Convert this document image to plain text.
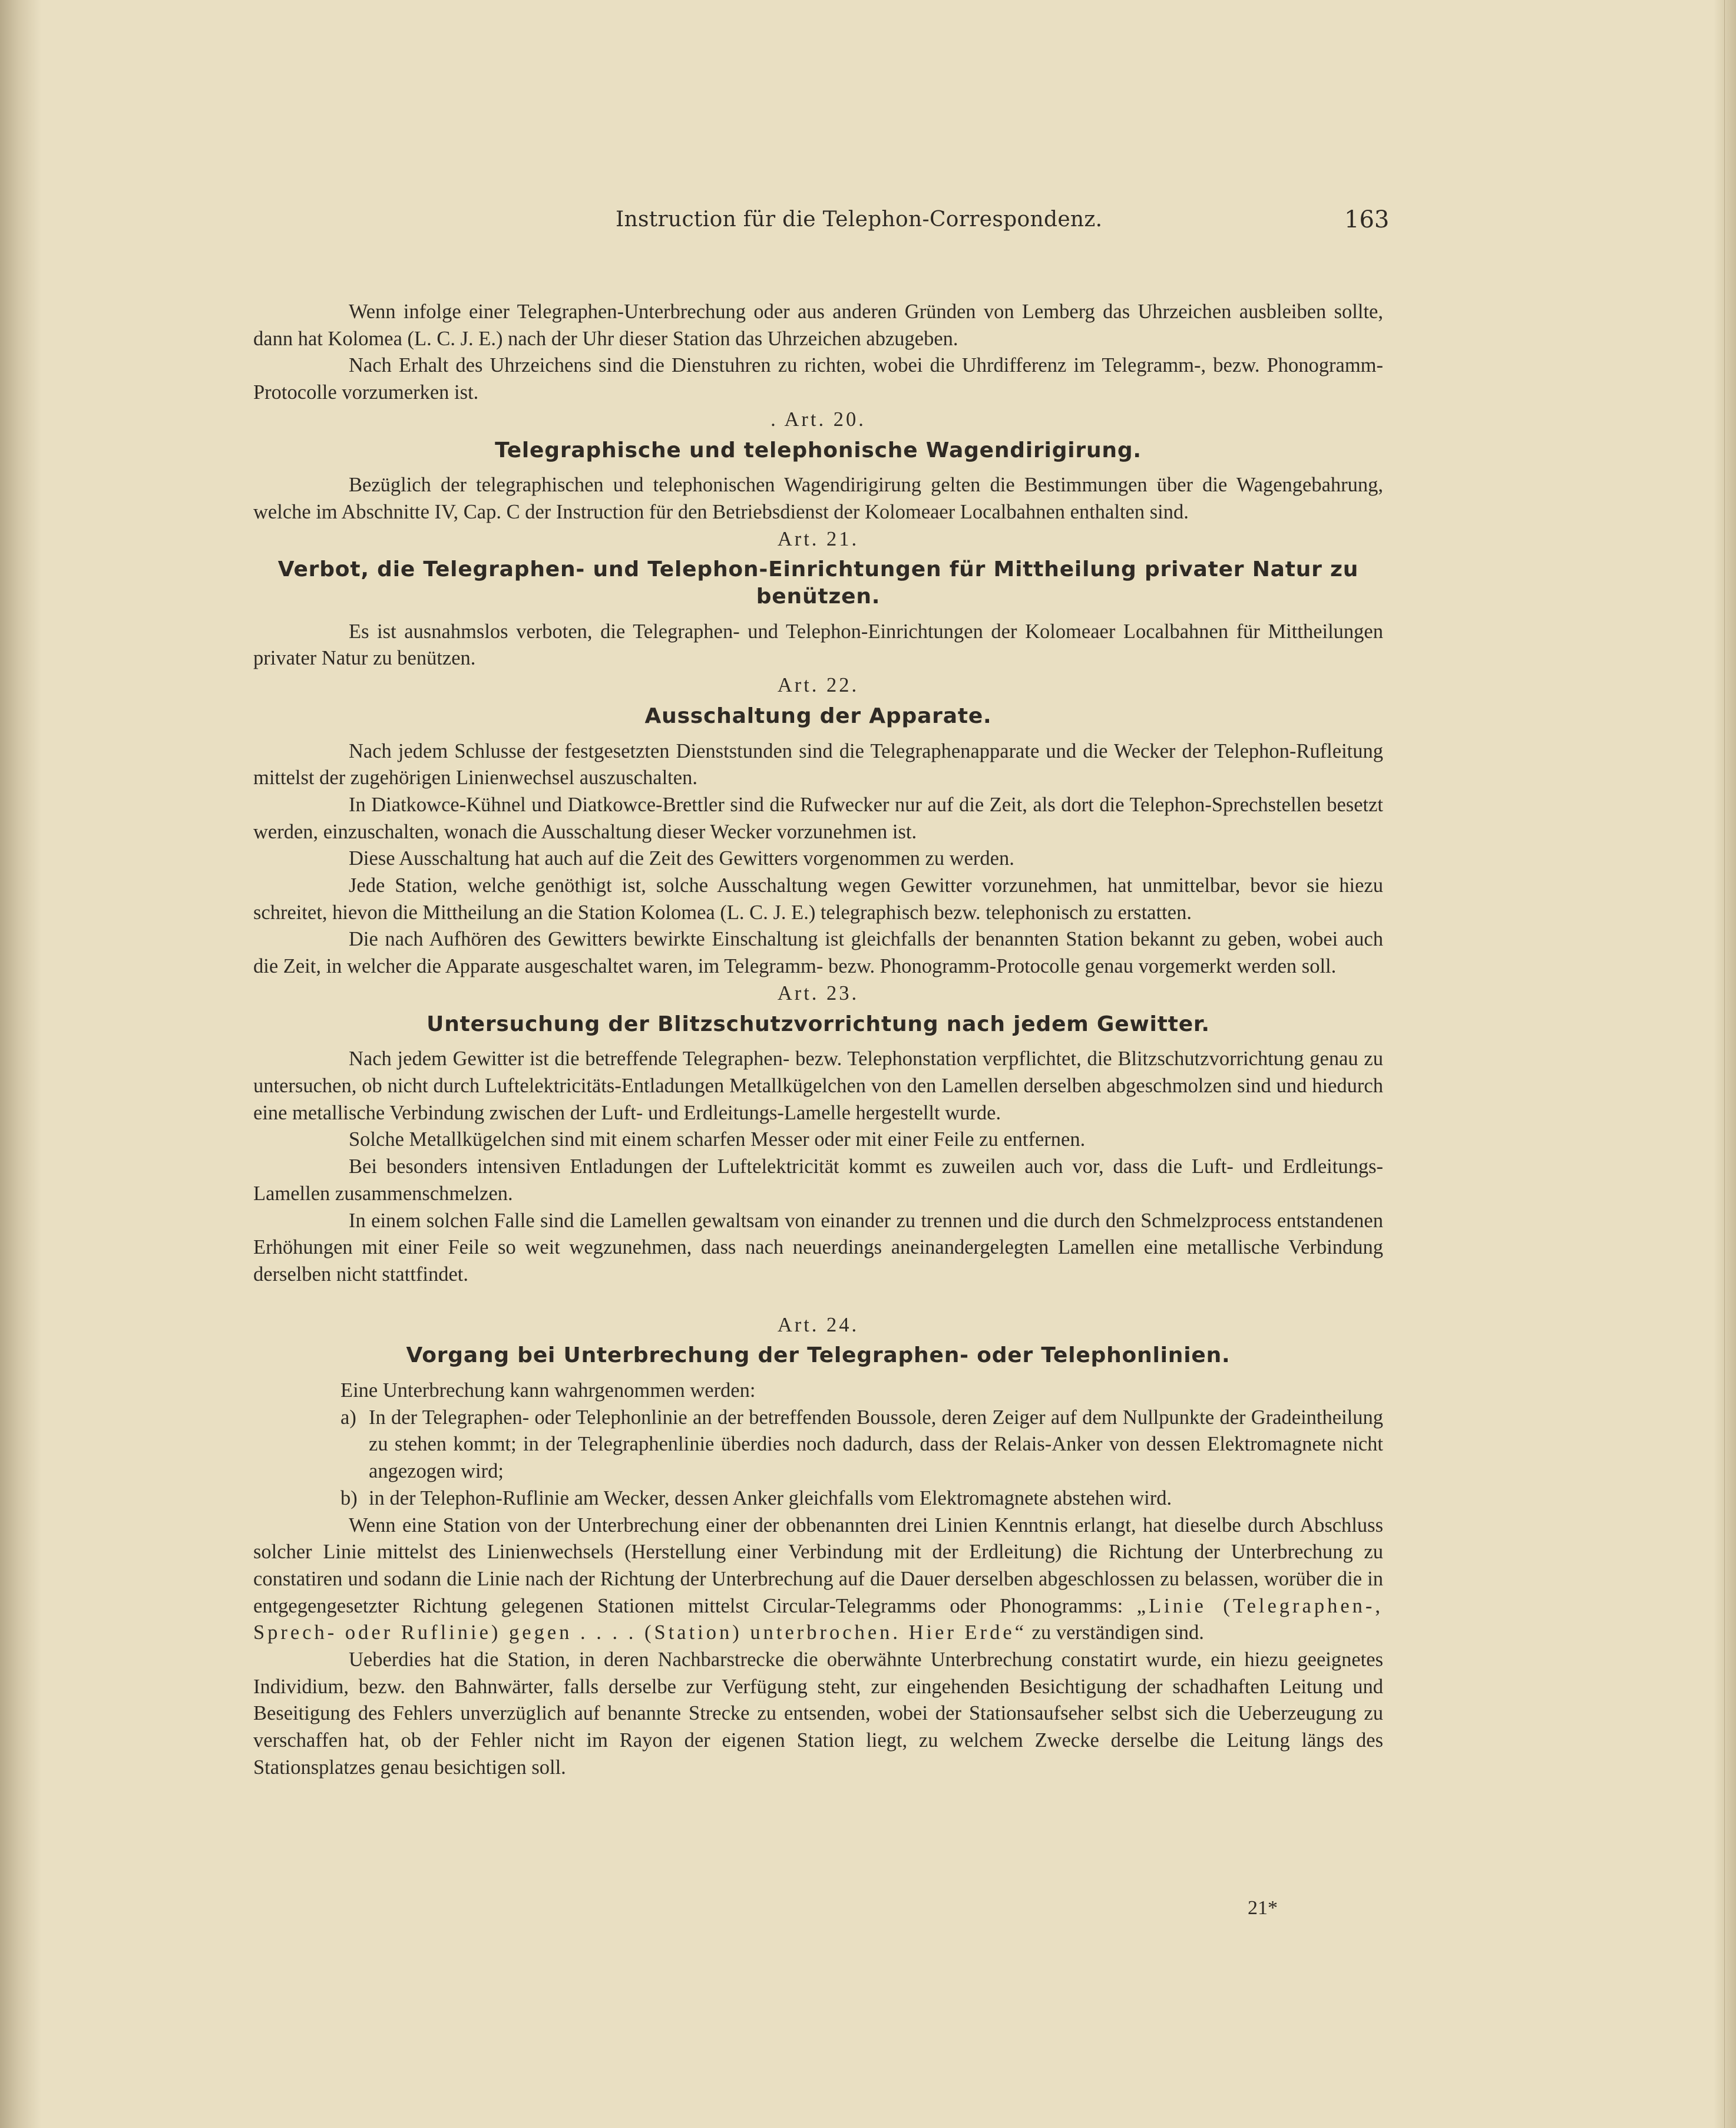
Instruction für die Telephon-Correspondenz.	163

Wenn infolge einer Telegraphen-Unterbrechung oder aus anderen Gründen von Lemberg das Uhrzeichen ausbleiben sollte, dann hat Kolomea (L. C. J. E.) nach der Uhr dieser Station das Uhrzeichen abzugeben.

Nach Erhalt des Uhrzeichens sind die Dienstuhren zu richten, wobei die Uhrdifferenz im Telegramm-, bezw. Phonogramm-Protocolle vorzumerken ist.

. Art. 20.
Telegraphische und telephonische Wagendirigirung.

Bezüglich der telegraphischen und telephonischen Wagendirigirung gelten die Bestimmungen über die Wagengebahrung, welche im Abschnitte IV, Cap. C der Instruction für den Betriebsdienst der Kolomeaer Localbahnen enthalten sind.

Art. 21.
Verbot, die Telegraphen- und Telephon-Einrichtungen für Mittheilung privater Natur zu benützen.

Es ist ausnahmslos verboten, die Telegraphen- und Telephon-Einrichtungen der Kolomeaer Localbahnen für Mittheilungen privater Natur zu benützen.

Art. 22.
Ausschaltung der Apparate.

Nach jedem Schlusse der festgesetzten Dienststunden sind die Telegraphenapparate und die Wecker der Telephon-Rufleitung mittelst der zugehörigen Linienwechsel auszuschalten.

In Diatkowce-Kühnel und Diatkowce-Brettler sind die Rufwecker nur auf die Zeit, als dort die Telephon-Sprechstellen besetzt werden, einzuschalten, wonach die Ausschaltung dieser Wecker vorzunehmen ist.

Diese Ausschaltung hat auch auf die Zeit des Gewitters vorgenommen zu werden.

Jede Station, welche genöthigt ist, solche Ausschaltung wegen Gewitter vorzunehmen, hat unmittelbar, bevor sie hiezu schreitet, hievon die Mittheilung an die Station Kolomea (L. C. J. E.) telegraphisch bezw. telephonisch zu erstatten.

Die nach Aufhören des Gewitters bewirkte Einschaltung ist gleichfalls der benannten Station bekannt zu geben, wobei auch die Zeit, in welcher die Apparate ausgeschaltet waren, im Telegramm- bezw. Phonogramm-Protocolle genau vorgemerkt werden soll.

Art. 23.
Untersuchung der Blitzschutzvorrichtung nach jedem Gewitter.

Nach jedem Gewitter ist die betreffende Telegraphen- bezw. Telephonstation verpflichtet, die Blitzschutzvorrichtung genau zu untersuchen, ob nicht durch Luftelektricitäts-Entladungen Metallkügelchen von den Lamellen derselben abgeschmolzen sind und hiedurch eine metallische Verbindung zwischen der Luft- und Erdleitungs-Lamelle hergestellt wurde.

Solche Metallkügelchen sind mit einem scharfen Messer oder mit einer Feile zu entfernen.

Bei besonders intensiven Entladungen der Luftelektricität kommt es zuweilen auch vor, dass die Luft- und Erdleitungs-Lamellen zusammenschmelzen.

In einem solchen Falle sind die Lamellen gewaltsam von einander zu trennen und die durch den Schmelzprocess entstandenen Erhöhungen mit einer Feile so weit wegzunehmen, dass nach neuerdings aneinandergelegten Lamellen eine metallische Verbindung derselben nicht stattfindet.

Art. 24.
Vorgang bei Unterbrechung der Telegraphen- oder Telephonlinien.

Eine Unterbrechung kann wahrgenommen werden:

a) In der Telegraphen- oder Telephonlinie an der betreffenden Boussole, deren Zeiger auf dem Nullpunkte der Gradeintheilung zu stehen kommt; in der Telegraphenlinie überdies noch dadurch, dass der Relais-Anker von dessen Elektromagnete nicht angezogen wird;

b) in der Telephon-Ruflinie am Wecker, dessen Anker gleichfalls vom Elektromagnete abstehen wird.

Wenn eine Station von der Unterbrechung einer der obbenannten drei Linien Kenntnis erlangt, hat dieselbe durch Abschluss solcher Linie mittelst des Linienwechsels (Herstellung einer Verbindung mit der Erdleitung) die Richtung der Unterbrechung zu constatiren und sodann die Linie nach der Richtung der Unterbrechung auf die Dauer derselben abgeschlossen zu belassen, worüber die in entgegengesetzter Richtung gelegenen Stationen mittelst Circular-Telegramms oder Phonogramms: „Linie (Telegraphen-, Sprech- oder Ruflinie) gegen . . . . (Station) unterbrochen. Hier Erde“ zu verständigen sind.

Ueberdies hat die Station, in deren Nachbarstrecke die oberwähnte Unterbrechung constatirt wurde, ein hiezu geeignetes Individium, bezw. den Bahnwärter, falls derselbe zur Verfügung steht, zur eingehenden Besichtigung der schadhaften Leitung und Beseitigung des Fehlers unverzüglich auf benannte Strecke zu entsenden, wobei der Stationsaufseher selbst sich die Ueberzeugung zu verschaffen hat, ob der Fehler nicht im Rayon der eigenen Station liegt, zu welchem Zwecke derselbe die Leitung längs des Stationsplatzes genau besichtigen soll.

21*
